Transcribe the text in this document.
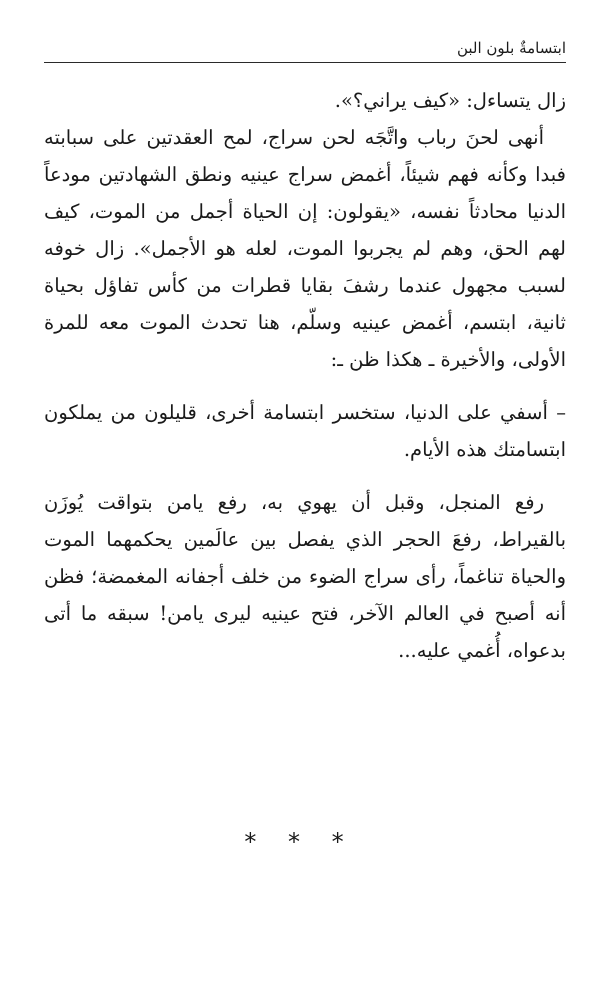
ابتسامةٌ بلون البن

زال يتساءل: «كيف يراني؟».

أنهى لحنَ رباب واتَّجَه لحن سراج، لمح العقدتين على سبابته فبدا وكأنه فهم شيئاً، أغمض سراج عينيه ونطق الشهادتين مودعاً الدنيا محادثاً نفسه، «يقولون: إن الحياة أجمل من الموت، كيف لهم الحق، وهم لم يجربوا الموت، لعله هو الأجمل». زال خوفه لسبب مجهول عندما رشفَ بقايا قطرات من كأس تفاؤل بحياة ثانية، ابتسم، أغمض عينيه وسلّم، هنا تحدث الموت معه للمرة الأولى، والأخيرة ـ هكذا ظن ـ:

– أسفي على الدنيا، ستخسر ابتسامة أخرى، قليلون من يملكون ابتسامتك هذه الأيام.

رفع المنجل، وقبل أن يهوي به، رفع يامن بتواقت يُوزَن بالقيراط، رفعَ الحجر الذي يفصل بين عالَمين يحكمهما الموت والحياة تناغماً، رأى سراج الضوء من خلف أجفانه المغمضة؛ فظن أنه أصبح في العالم الآخر، فتح عينيه ليرى يامن! سبقه ما أتى بدعواه، أُغمي عليه...

* * *
